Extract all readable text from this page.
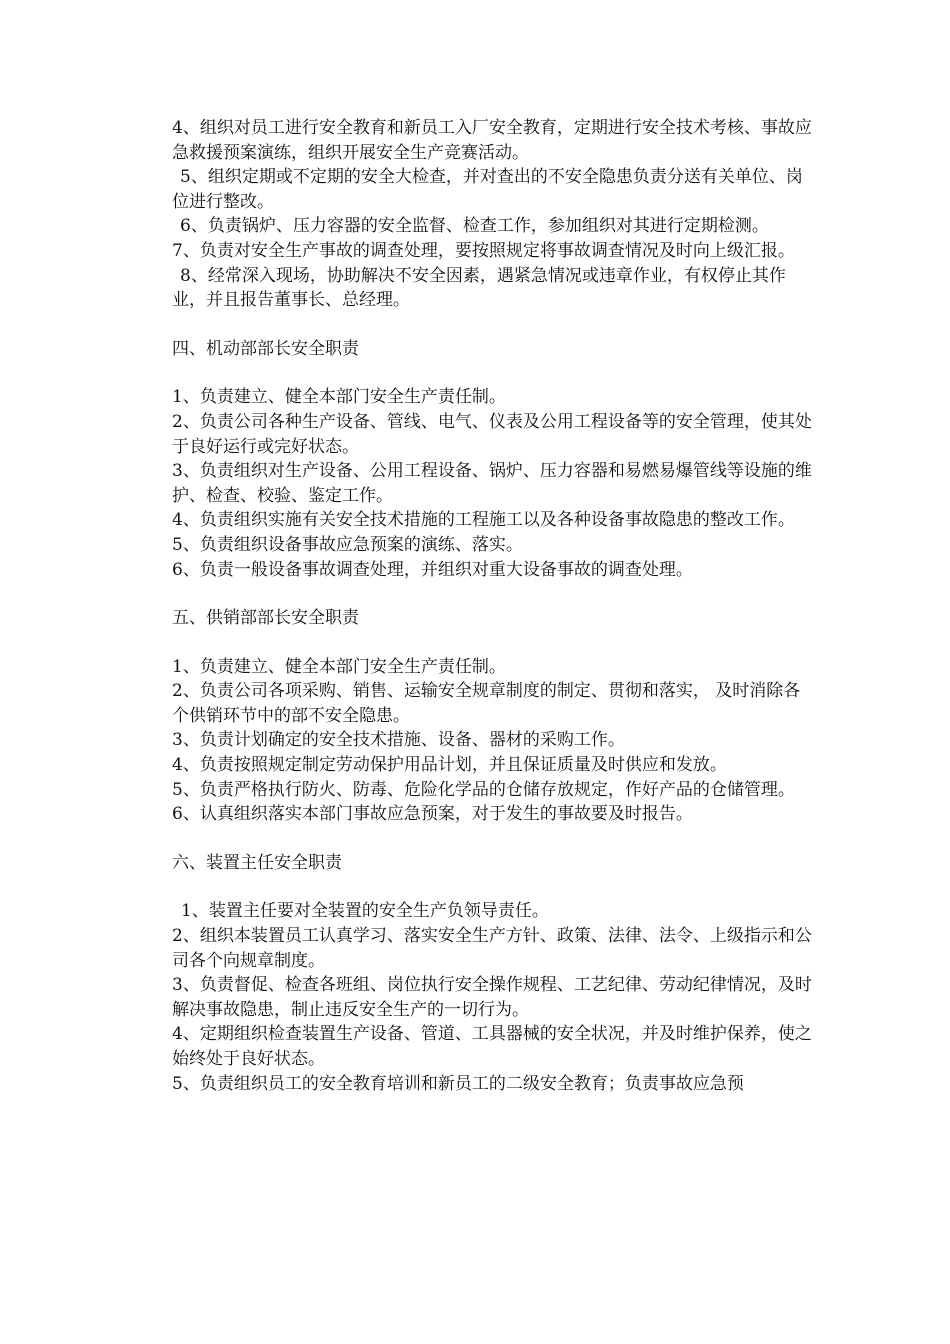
4、组织对员工进行安全教育和新员工入厂安全教育，定期进行安全技术考核、事故应急救援预案演练，组织开展安全生产竞赛活动。

5、组织定期或不定期的安全大检查，并对查出的不安全隐患负责分送有关单位、岗位进行整改。

6、负责锅炉、压力容器的安全监督、检查工作，参加组织对其进行定期检测。

7、负责对安全生产事故的调查处理，要按照规定将事故调查情况及时向上级汇报。

8、经常深入现场，协助解决不安全因素，遇紧急情况或违章作业，有权停止其作业，并且报告董事长、总经理。

四、机动部部长安全职责

1、负责建立、健全本部门安全生产责任制。

2、负责公司各种生产设备、管线、电气、仪表及公用工程设备等的安全管理，使其处于良好运行或完好状态。

3、负责组织对生产设备、公用工程设备、锅炉、压力容器和易燃易爆管线等设施的维护、检查、校验、鉴定工作。

4、负责组织实施有关安全技术措施的工程施工以及各种设备事故隐患的整改工作。

5、负责组织设备事故应急预案的演练、落实。

6、负责一般设备事故调查处理，并组织对重大设备事故的调查处理。

五、供销部部长安全职责

1、负责建立、健全本部门安全生产责任制。

2、负责公司各项采购、销售、运输安全规章制度的制定、贯彻和落实， 及时消除各个供销环节中的部不安全隐患。

3、负责计划确定的安全技术措施、设备、器材的采购工作。

4、负责按照规定制定劳动保护用品计划，并且保证质量及时供应和发放。

5、负责严格执行防火、防毒、危险化学品的仓储存放规定，作好产品的仓储管理。

6、认真组织落实本部门事故应急预案，对于发生的事故要及时报告。

六、装置主任安全职责

1、装置主任要对全装置的安全生产负领导责任。

2、组织本装置员工认真学习、落实安全生产方针、政策、法律、法令、上级指示和公司各个向规章制度。

3、负责督促、检查各班组、岗位执行安全操作规程、工艺纪律、劳动纪律情况，及时解决事故隐患，制止违反安全生产的一切行为。

4、定期组织检查装置生产设备、管道、工具器械的安全状况，并及时维护保养，使之始终处于良好状态。

5、负责组织员工的安全教育培训和新员工的二级安全教育；负责事故应急预
